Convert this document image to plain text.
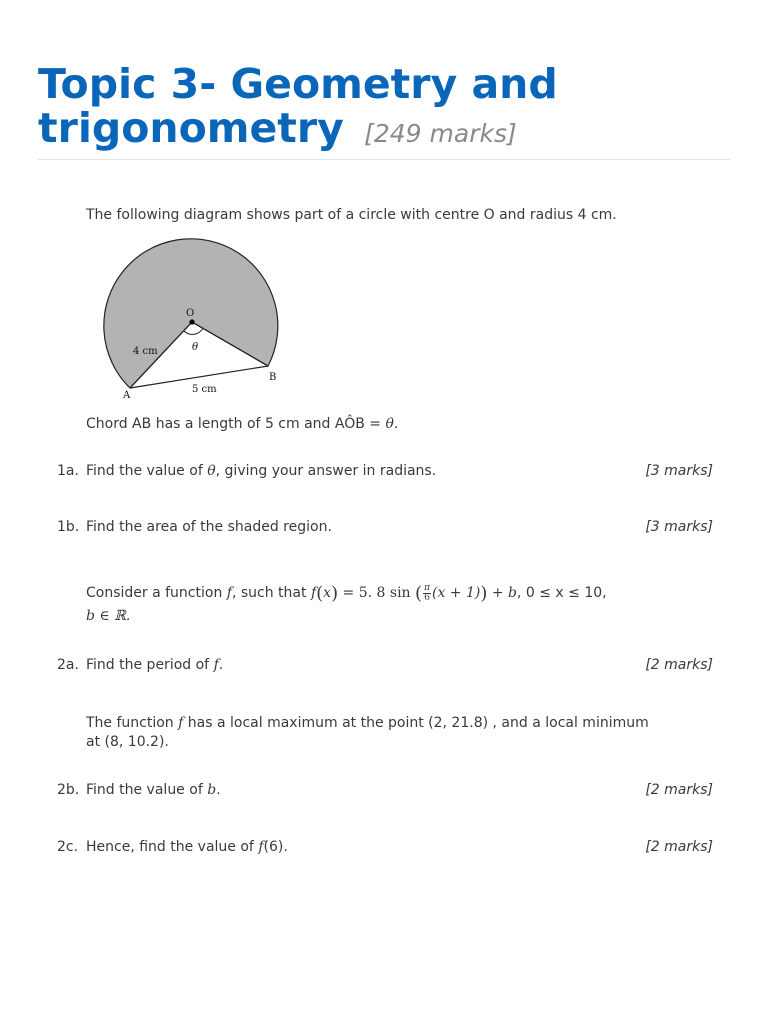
Topic 3- Geometry and trigonometry [249 marks]
The following diagram shows part of a circle with centre O and radius 4 cm.
O
θ
4 cm
5 cm
A
B
Chord AB has a length of 5 cm and AÔB = θ.
1a. Find the value of θ, giving your answer in radians.	[3 marks]
1b. Find the area of the shaded region.	[3 marks]
Consider a function f, such that f(x) = 5. 8 sin ( $\frac{\pi}{6} (x + 1)) + b$, 0 ≤ x ≤ 10,
b ∈ ℝ.
2a. Find the period of f.	[2 marks]
The function f has a local maximum at the point (2, 21.8) , and a local minimum
at (8, 10.2).
2b. Find the value of b.	[2 marks]
2c. Hence, find the value of f(6).	[2 marks]
